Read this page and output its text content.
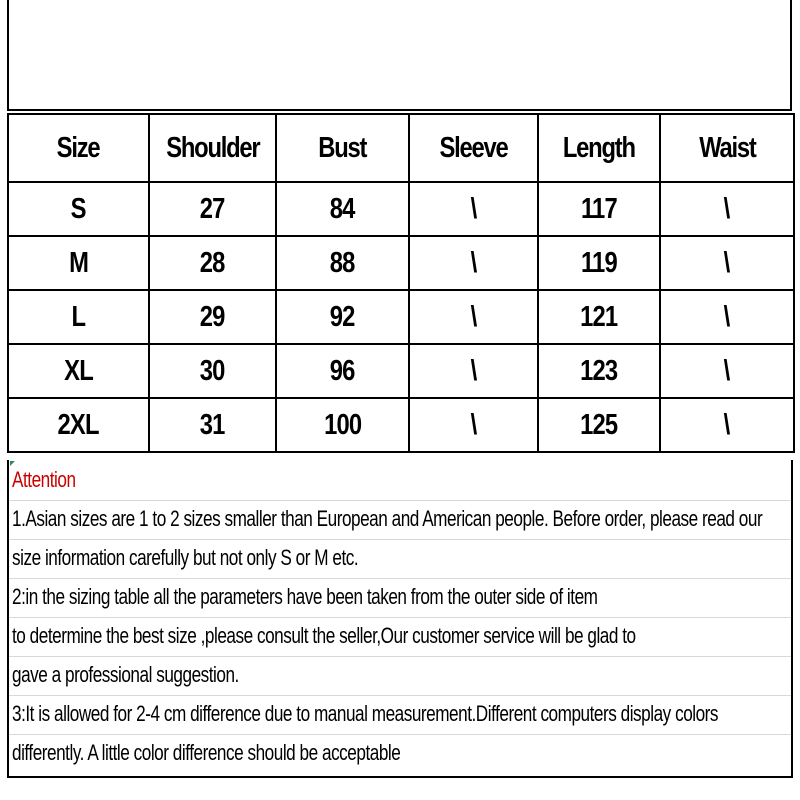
Size	Shoulder	Bust	Sleeve	Length	Waist
S	27	84	\	117	\
M	28	88	\	119	\
L	29	92	\	121	\
XL	30	96	\	123	\
2XL	31	100	\	125	\
Attention
1.Asian sizes are 1 to 2 sizes smaller than European and American people. Before order, please read our
size information carefully but not only S or M etc.
2:in the sizing table all the parameters have been taken from the outer side of item
to determine the best size ,please consult the seller,Our customer service will be glad to
gave a professional suggestion.
3:It is allowed for 2-4 cm difference due to manual measurement.Different computers display colors
differently. A little color difference should be acceptable
